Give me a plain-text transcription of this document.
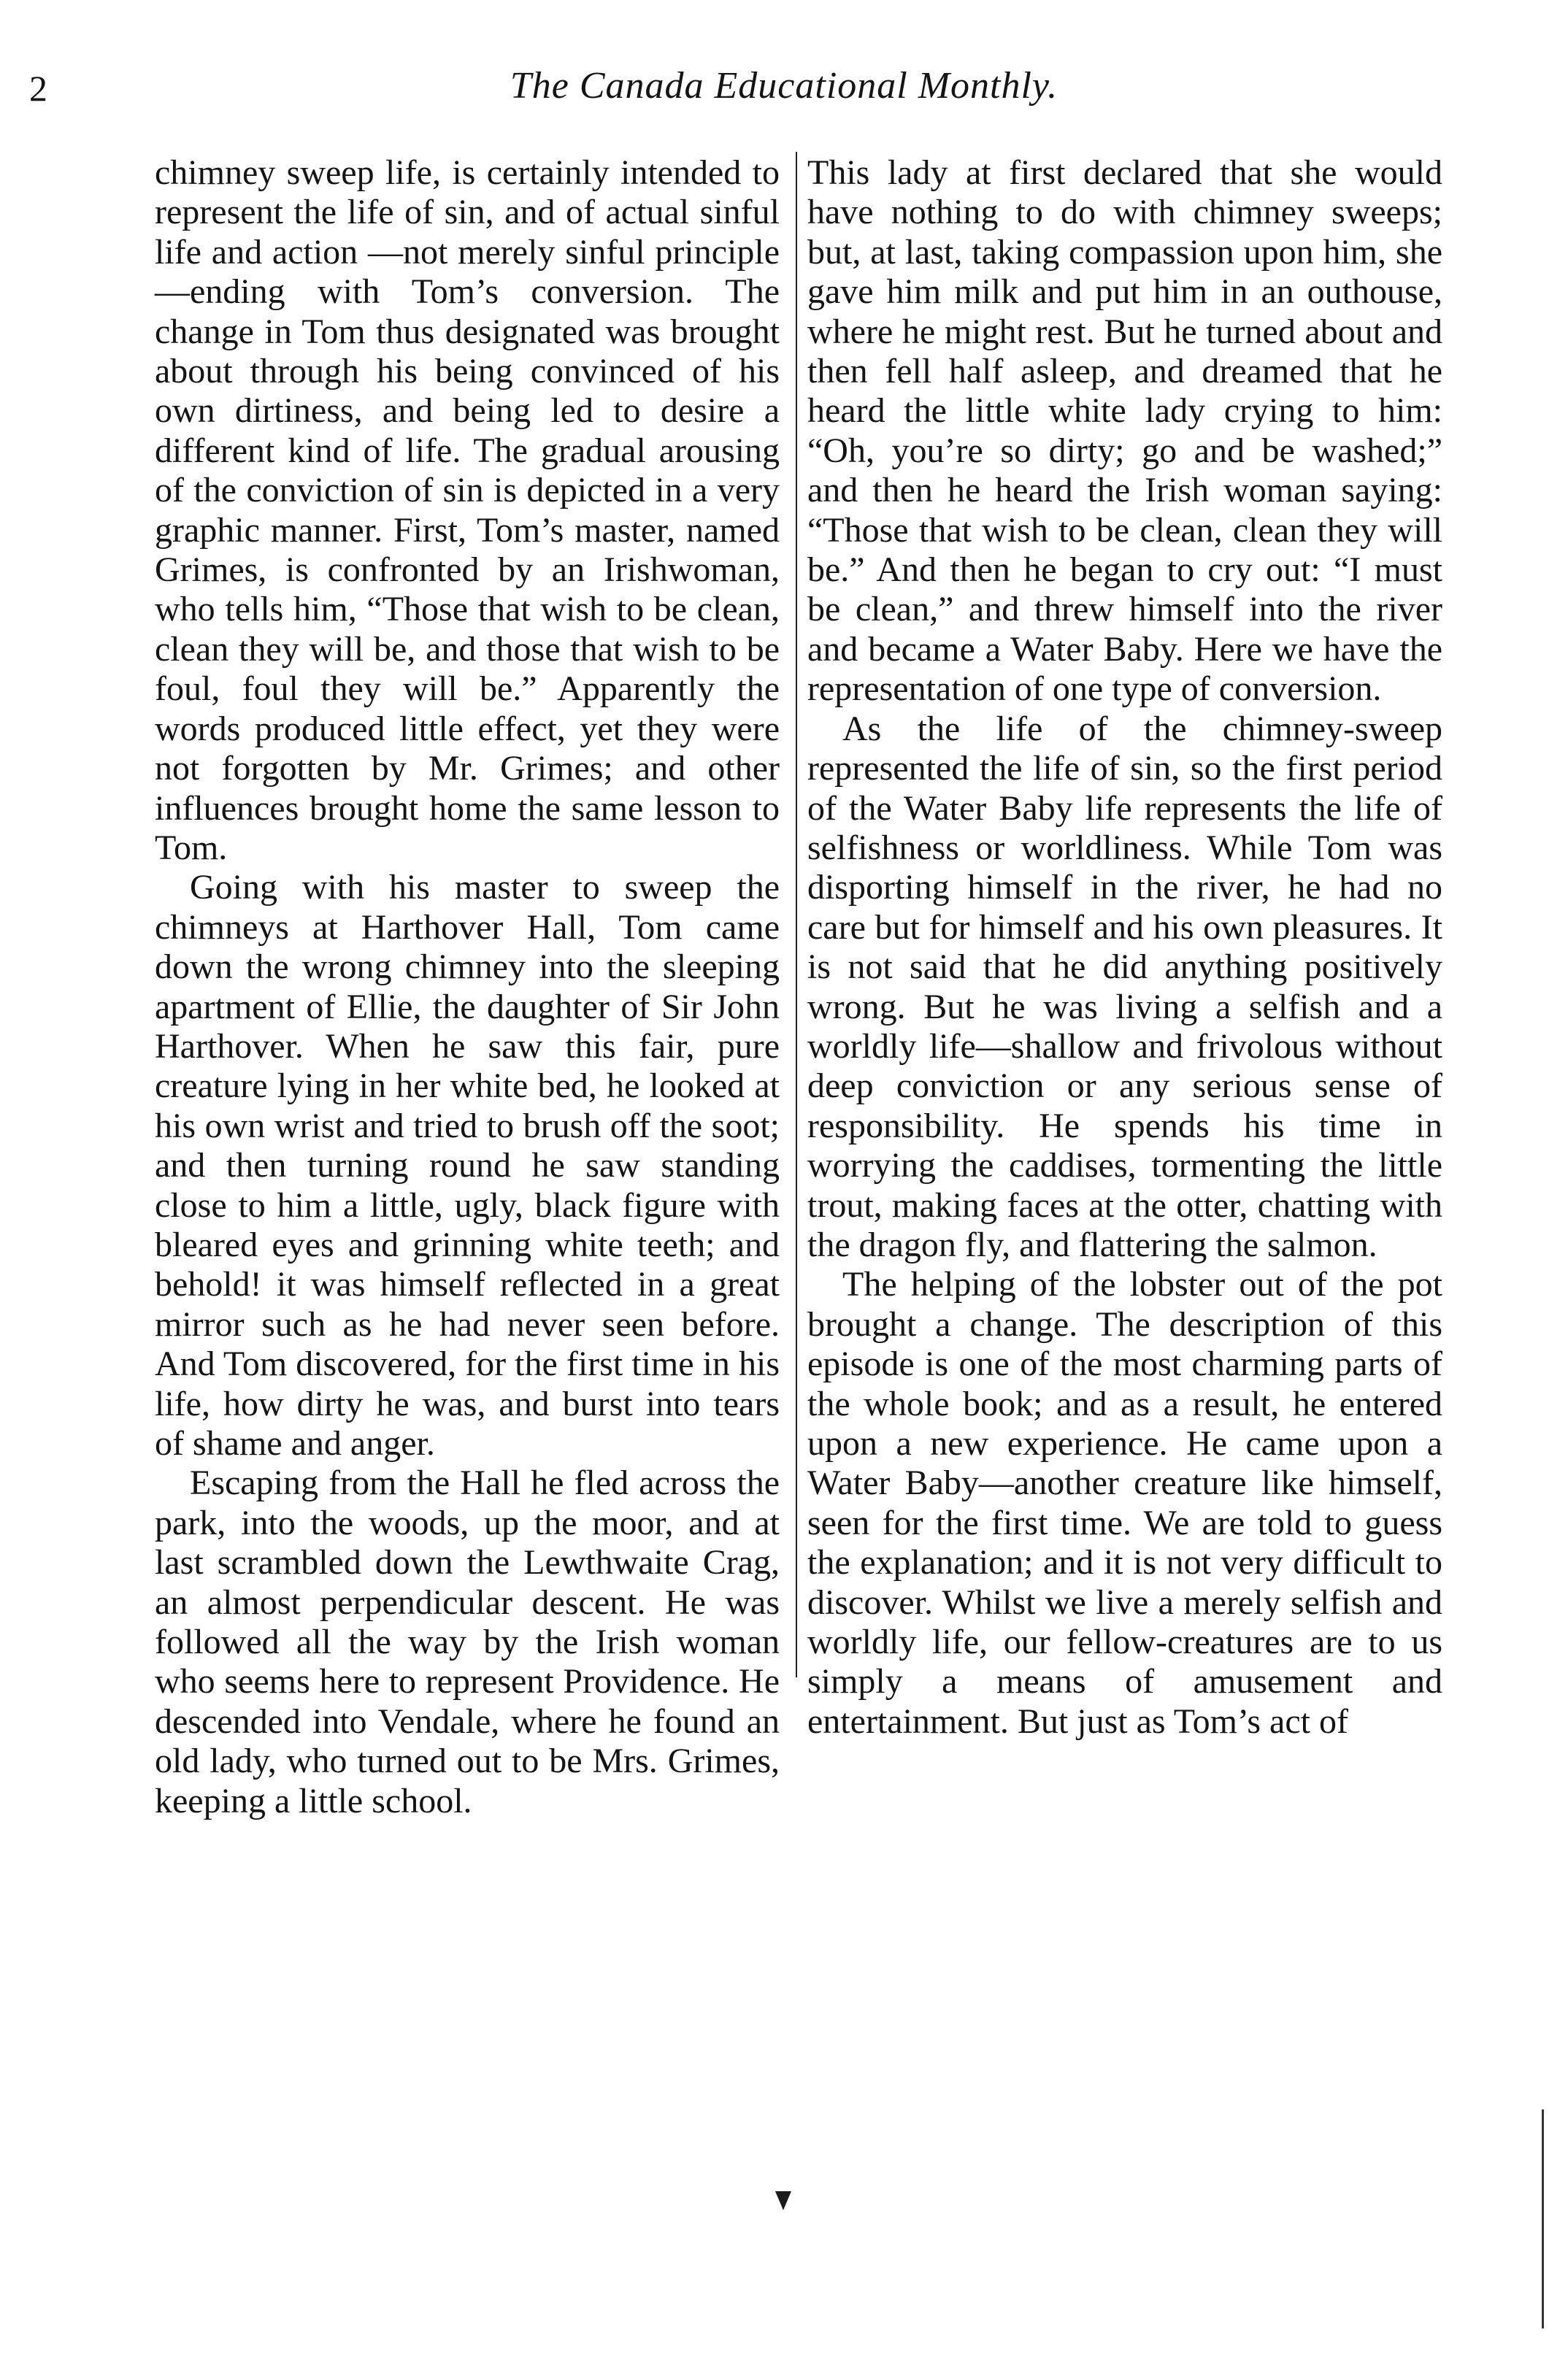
2	The Canada Educational Monthly.

chimney sweep life, is certainly intended to represent the life of sin, and of actual sinful life and action —not merely sinful principle—ending with Tom’s conversion. The change in Tom thus designated was brought about through his being convinced of his own dirtiness, and being led to desire a different kind of life. The gradual arousing of the conviction of sin is depicted in a very graphic manner. First, Tom’s master, named Grimes, is confronted by an Irishwoman, who tells him, “Those that wish to be clean, clean they will be, and those that wish to be foul, foul they will be.” Apparently the words produced little effect, yet they were not forgotten by Mr. Grimes; and other influences brought home the same lesson to Tom.

Going with his master to sweep the chimneys at Harthover Hall, Tom came down the wrong chimney into the sleeping apartment of Ellie, the daughter of Sir John Harthover. When he saw this fair, pure creature lying in her white bed, he looked at his own wrist and tried to brush off the soot; and then turning round he saw standing close to him a little, ugly, black figure with bleared eyes and grinning white teeth; and behold! it was himself reflected in a great mirror such as he had never seen before. And Tom discovered, for the first time in his life, how dirty he was, and burst into tears of shame and anger.

Escaping from the Hall he fled across the park, into the woods, up the moor, and at last scrambled down the Lewthwaite Crag, an almost perpendicular descent. He was followed all the way by the Irish woman who seems here to represent Providence. He descended into Vendale, where he found an old lady, who turned out to be Mrs. Grimes, keeping a little school.

This lady at first declared that she would have nothing to do with chimney sweeps; but, at last, taking compassion upon him, she gave him milk and put him in an outhouse, where he might rest. But he turned about and then fell half asleep, and dreamed that he heard the little white lady crying to him: “Oh, you’re so dirty; go and be washed;” and then he heard the Irish woman saying: “Those that wish to be clean, clean they will be.” And then he began to cry out: “I must be clean,” and threw himself into the river and became a Water Baby. Here we have the representation of one type of conversion.

As the life of the chimney-sweep represented the life of sin, so the first period of the Water Baby life represents the life of selfishness or worldliness. While Tom was disporting himself in the river, he had no care but for himself and his own pleasures. It is not said that he did anything positively wrong. But he was living a selfish and a worldly life—shallow and frivolous without deep conviction or any serious sense of responsibility. He spends his time in worrying the caddises, tormenting the little trout, making faces at the otter, chatting with the dragon fly, and flattering the salmon.

The helping of the lobster out of the pot brought a change. The description of this episode is one of the most charming parts of the whole book; and as a result, he entered upon a new experience. He came upon a Water Baby—another creature like himself, seen for the first time. We are told to guess the explanation; and it is not very difficult to discover. Whilst we live a merely selfish and worldly life, our fellow-creatures are to us simply a means of amusement and entertainment. But just as Tom’s act of
